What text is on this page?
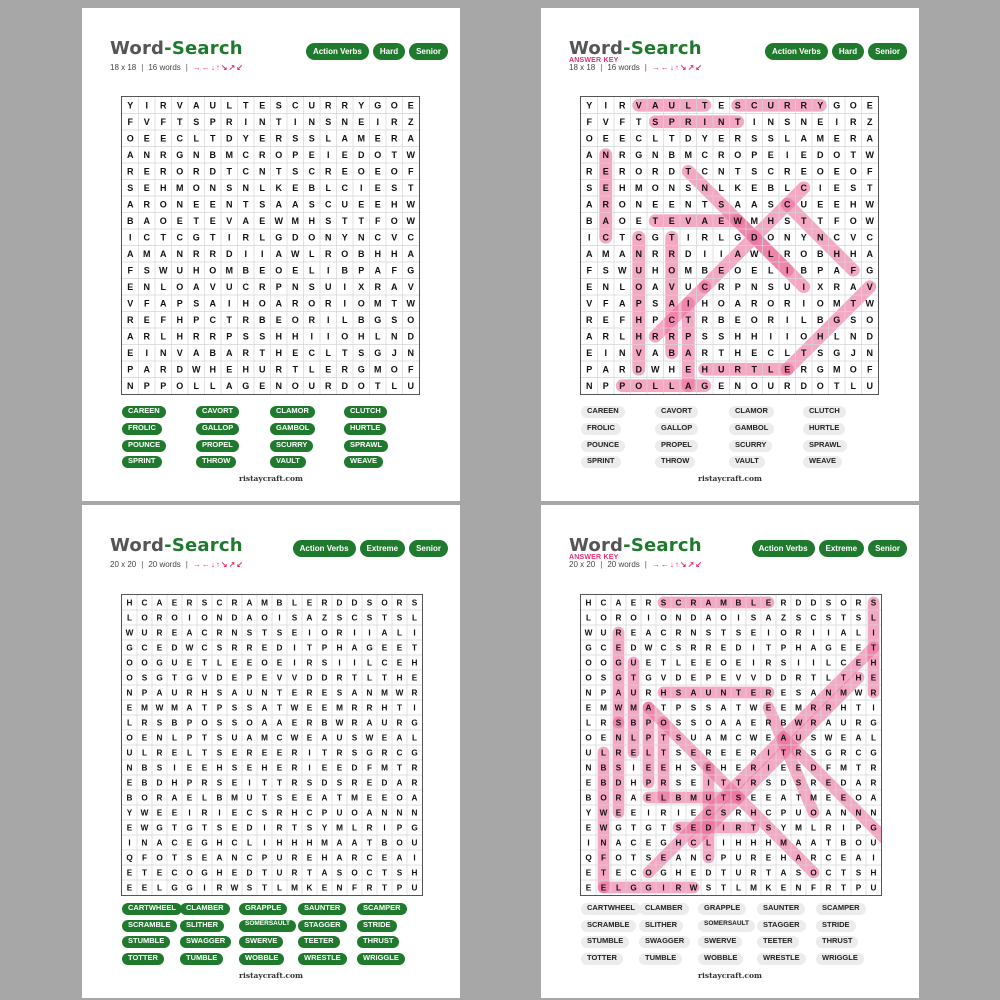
Word-Search
18 x 18 | 16 words | →←↓↑↘↗↙
Action Verbs	Hard	Senior
Y I R V A U L T E S C U R R Y G O E
F V F T S P R I N T I N S N E I R Z
O E E C L T D Y E R S S L A M E R A
A N R G N B M C R O P E I E D O T W
R E R O R D T C N T S C R E O E O F
S E H M O N S N L K E B L C I E S T
A R O N E E N T S A A S C U E E H W
B A O E T E V A E W M H S T T F O W
I C T C G T I R L G D O N Y N C V C
A M A N R R D I I A W L R O B H H A
F S W U H O M B E O E L I B P A F G
E N L O A V U C R P N S U I X R A V
V F A P S A I H O A R O R I O M T W
R E F H P C T R B E O R I L B G S O
A R L H R R P S S H H I I O H L N D
E I N V A B A R T H E C L T S G J N
P A R D W H E H U R T L E R G M O F
N P P O L L A G E N O U R D O T L U
CAREEN	CAVORT	CLAMOR	CLUTCH
FROLIC	GALLOP	GAMBOL	HURTLE
POUNCE	PROPEL	SCURRY	SPRAWL
SPRINT	THROW	VAULT	WEAVE
ristaycraft.com
Word-Search
ANSWER KEY
18 x 18 | 16 words | →←↓↑↘↗↙
Action Verbs	Hard	Senior
Y I R V A U L T E S C U R R Y G O E
F V F T S P R I N T I N S N E I R Z
O E E C L T D Y E R S S L A M E R A
A N R G N B M C R O P E I E D O T W
R E R O R D T C N T S C R E O E O F
S E H M O N S N L K E B L C I E S T
A R O N E E N T S A A S C U E E H W
B A O E T E V A E W M H S T T F O W
I C T C G T I R L G D O N Y N C V C
A M A N R R D I I A W L R O B H H A
F S W U H O M B E O E L I B P A F G
E N L O A V U C R P N S U I X R A V
V F A P S A I H O A R O R I O M T W
R E F H P C T R B E O R I L B G S O
A R L H R R P S S H H I I O H L N D
E I N V A B A R T H E C L T S G J N
P A R D W H E H U R T L E R G M O F
N P P O L L A G E N O U R D O T L U
CAREEN	CAVORT	CLAMOR	CLUTCH
FROLIC	GALLOP	GAMBOL	HURTLE
POUNCE	PROPEL	SCURRY	SPRAWL
SPRINT	THROW	VAULT	WEAVE
ristaycraft.com
Word-Search
20 x 20 | 20 words | →←↓↑↘↗↙
Action Verbs	Extreme	Senior
H C A E R S C R A M B L E R D D S O R S
L O R O I O N D A O I S A Z S C S T S L
W U R E A C R N S T S E I O R I I A L I
G C E D W C S R R E D I T P H A G E E T
O O G U E T L E E O E I R S I I L C E H
O S G T G V D E P E V V D D R T L T H E
N P A U R H S A U N T E R E S A N M W R
E M W M A T P S S A T W E E M R R H T I
L R S B P O S S O A A E R B W R A U R G
O E N L P T S U A M C W E A U S W E A L
U L R E L T S E R E E R I T R S G R C G
N B S I E E H S E H E R I E E D F M T R
E B D H P R S E I T T R S D S R E D A R
B O R A E L B M U T S E E A T M E E O A
Y W E E I R I E C S R H C P U O A N N N
E W G T G T S E D I R T S Y M L R I P G
I N A C E G H C L I H H H M A A T B O U
Q F O T S E A N C P U R E H A R C E A I
E T E C O G H E D T U R T A S O C T S H
E E L G G I R W S T L M K E N F R T P U
CARTWHEEL	CLAMBER	GRAPPLE	SAUNTER	SCAMPER
SCRAMBLE	SLITHER	SOMERSAULT	STAGGER	STRIDE
STUMBLE	SWAGGER	SWERVE	TEETER	THRUST
TOTTER	TUMBLE	WOBBLE	WRESTLE	WRIGGLE
ristaycraft.com
Word-Search
ANSWER KEY
20 x 20 | 20 words | →←↓↑↘↗↙
Action Verbs	Extreme	Senior
H C A E R S C R A M B L E R D D S O R S
L O R O I O N D A O I S A Z S C S T S L
W U R E A C R N S T S E I O R I I A L I
G C E D W C S R R E D I T P H A G E E T
O O G U E T L E E O E I R S I I L C E H
O S G T G V D E P E V V D D R T L T H E
N P A U R H S A U N T E R E S A N M W R
E M W M A T P S S A T W E E M R R H T I
L R S B P O S S O A A E R B W R A U R G
O E N L P T S U A M C W E A U S W E A L
U L R E L T S E R E E R I T R S G R C G
N B S I E E H S E H E R I E E D F M T R
E B D H P R S E I T T R S D S R E D A R
B O R A E L B M U T S E E A T M E E O A
Y W E E I R I E C S R H C P U O A N N N
E W G T G T S E D I R T S Y M L R I P G
I N A C E G H C L I H H H M A A T B O U
Q F O T S E A N C P U R E H A R C E A I
E T E C O G H E D T U R T A S O C T S H
E E L G G I R W S T L M K E N F R T P U
CARTWHEEL	CLAMBER	GRAPPLE	SAUNTER	SCAMPER
SCRAMBLE	SLITHER	SOMERSAULT	STAGGER	STRIDE
STUMBLE	SWAGGER	SWERVE	TEETER	THRUST
TOTTER	TUMBLE	WOBBLE	WRESTLE	WRIGGLE
ristaycraft.com
